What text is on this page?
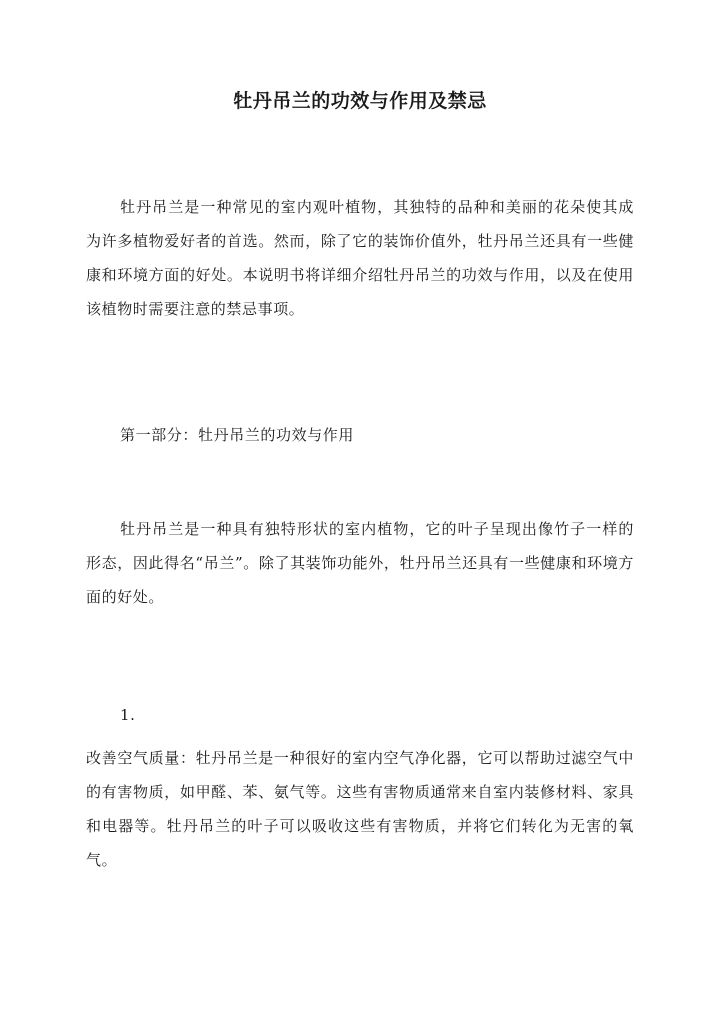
牡丹吊兰的功效与作用及禁忌

牡丹吊兰是一种常见的室内观叶植物，其独特的品种和美丽的花朵使其成为许多植物爱好者的首选。然而，除了它的装饰价值外，牡丹吊兰还具有一些健康和环境方面的好处。本说明书将详细介绍牡丹吊兰的功效与作用，以及在使用该植物时需要注意的禁忌事项。

第一部分：牡丹吊兰的功效与作用

牡丹吊兰是一种具有独特形状的室内植物，它的叶子呈现出像竹子一样的形态，因此得名“吊兰”。除了其装饰功能外，牡丹吊兰还具有一些健康和环境方面的好处。

1.

改善空气质量：牡丹吊兰是一种很好的室内空气净化器，它可以帮助过滤空气中的有害物质，如甲醛、苯、氨气等。这些有害物质通常来自室内装修材料、家具和电器等。牡丹吊兰的叶子可以吸收这些有害物质，并将它们转化为无害的氧气。
